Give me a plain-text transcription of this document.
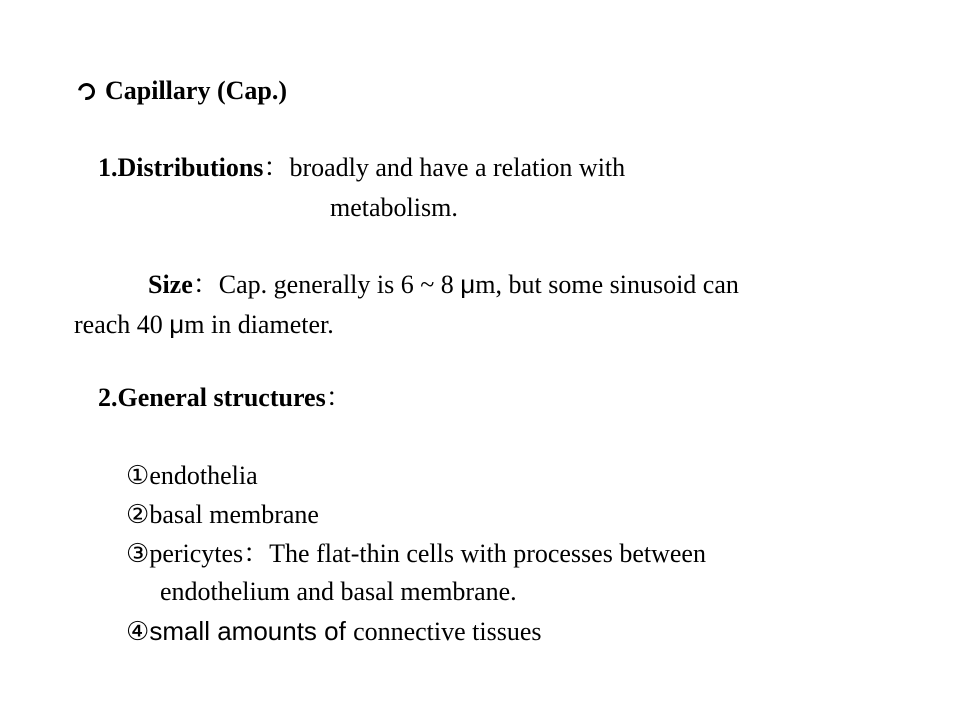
Capillary (Cap.)
1.Distributions：broadly and have a relation with
metabolism.
Size：Cap. generally is 6 ~ 8 μm, but some sinusoid can
reach 40 μm in diameter.
2.General structures：
①endothelia
②basal membrane
③pericytes：The flat-thin cells with processes between
endothelium and basal membrane.
④small amounts of connective tissues
